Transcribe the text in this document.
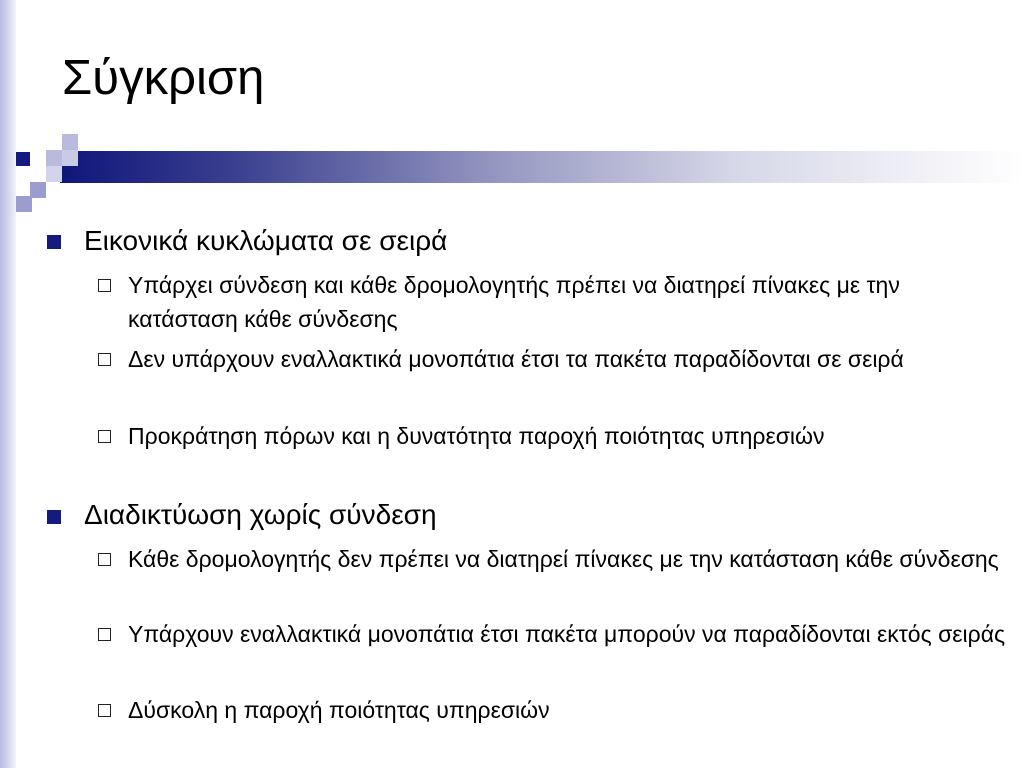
Σύγκριση

Εικονικά κυκλώματα σε σειρά

Υπάρχει σύνδεση και κάθε δρομολογητής πρέπει να διατηρεί πίνακες με την κατάσταση κάθε σύνδεσης

Δεν υπάρχουν εναλλακτικά μονοπάτια έτσι τα πακέτα παραδίδονται σε σειρά

Προκράτηση πόρων και η δυνατότητα παροχή ποιότητας υπηρεσιών

Διαδικτύωση χωρίς σύνδεση

Κάθε δρομολογητής δεν πρέπει να διατηρεί πίνακες με την κατάσταση κάθε σύνδεσης

Υπάρχουν εναλλακτικά μονοπάτια έτσι πακέτα μπορούν να παραδίδονται εκτός σειράς

Δύσκολη η παροχή ποιότητας υπηρεσιών
